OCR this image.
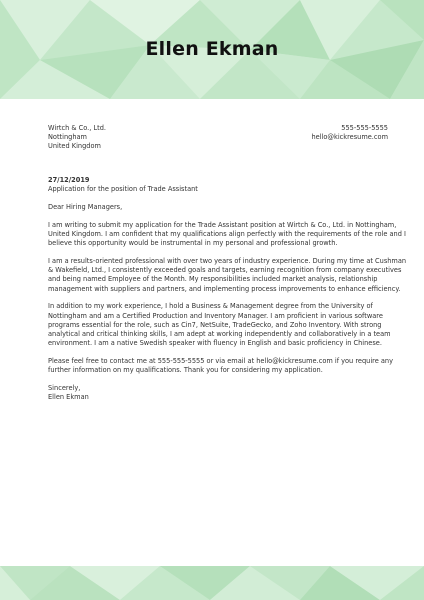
Ellen Ekman
Wirtch & Co., Ltd.
Nottingham
United Kingdom
555-555-5555
hello@kickresume.com
27/12/2019
Application for the position of Trade Assistant

Dear Hiring Managers,

I am writing to submit my application for the Trade Assistant position at Wirtch & Co., Ltd. in Nottingham,
United Kingdom. I am confident that my qualifications align perfectly with the requirements of the role and I
believe this opportunity would be instrumental in my personal and professional growth.

I am a results-oriented professional with over two years of industry experience. During my time at Cushman
& Wakefield, Ltd., I consistently exceeded goals and targets, earning recognition from company executives
and being named Employee of the Month. My responsibilities included market analysis, relationship
management with suppliers and partners, and implementing process improvements to enhance efficiency.

In addition to my work experience, I hold a Business & Management degree from the University of
Nottingham and am a Certified Production and Inventory Manager. I am proficient in various software
programs essential for the role, such as Cin7, NetSuite, TradeGecko, and Zoho Inventory. With strong
analytical and critical thinking skills, I am adept at working independently and collaboratively in a team
environment. I am a native Swedish speaker with fluency in English and basic proficiency in Chinese.

Please feel free to contact me at 555-555-5555 or via email at hello@kickresume.com if you require any
further information on my qualifications. Thank you for considering my application.

Sincerely,
Ellen Ekman
